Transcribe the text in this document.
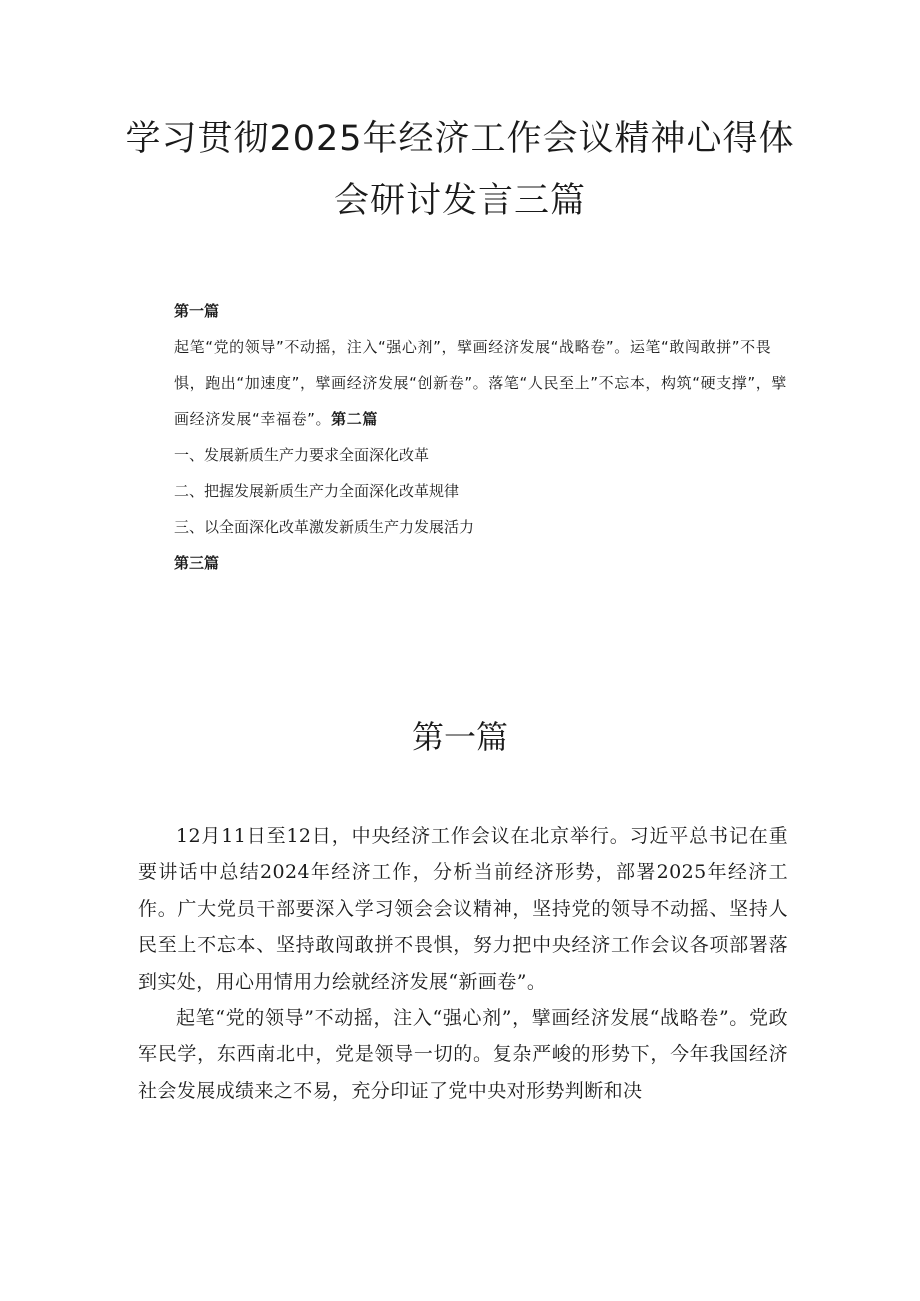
学习贯彻2025年经济工作会议精神心得体
会研讨发言三篇
第一篇
起笔“党的领导”不动摇，注入“强心剂”，擘画经济发展“战略卷”。运笔“敢闯敢拼”不畏惧，跑出“加速度”，擘画经济发展“创新卷”。落笔“人民至上”不忘本，构筑“硬支撑”，擘画经济发展“幸福卷”。第二篇
一、发展新质生产力要求全面深化改革
二、把握发展新质生产力全面深化改革规律
三、以全面深化改革激发新质生产力发展活力
第三篇
第一篇

12月11日至12日，中央经济工作会议在北京举行。习近平总书记在重要讲话中总结2024年经济工作，分析当前经济形势，部署2025年经济工作。广大党员干部要深入学习领会会议精神，坚持党的领导不动摇、坚持人民至上不忘本、坚持敢闯敢拼不畏惧，努力把中央经济工作会议各项部署落到实处，用心用情用力绘就经济发展“新画卷”。

起笔“党的领导”不动摇，注入“强心剂”，擘画经济发展“战略卷”。党政军民学，东西南北中，党是领导一切的。复杂严峻的形势下，今年我国经济社会发展成绩来之不易，充分印证了党中央对形势判断和决
